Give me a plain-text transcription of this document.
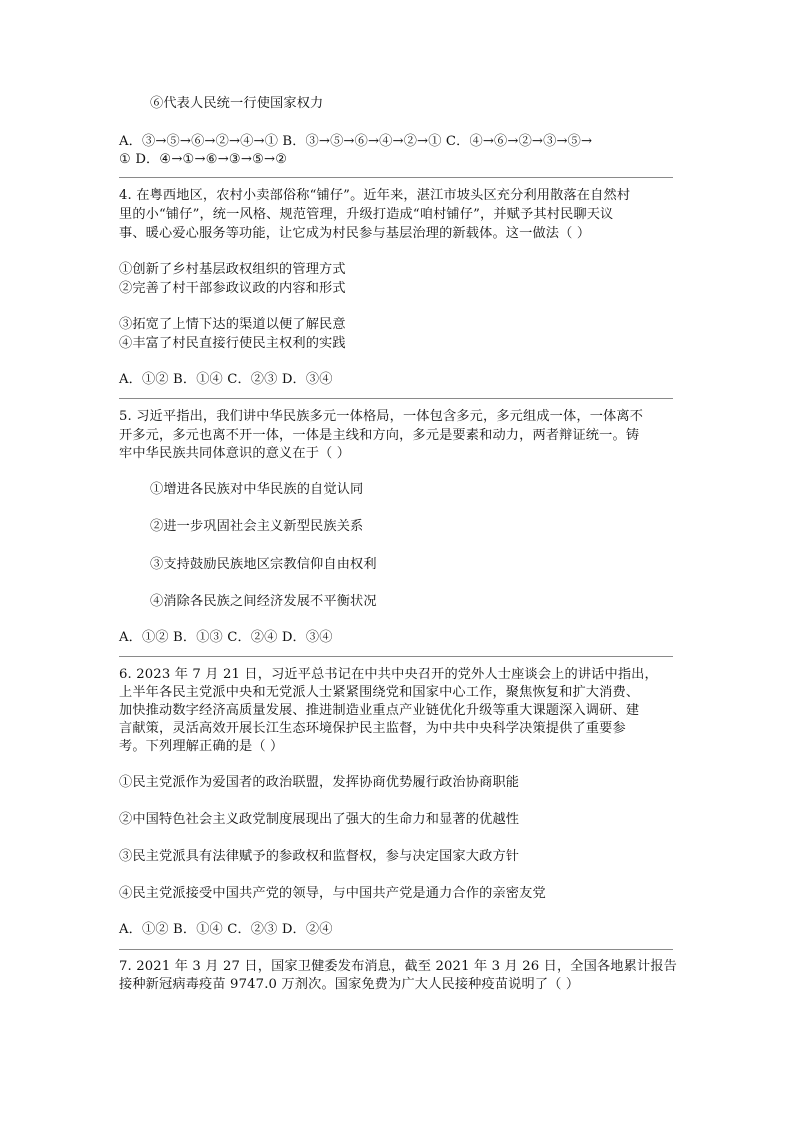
⑥代表人民统一行使国家权力
A．③→⑤→⑥→②→④→① B．③→⑤→⑥→④→②→① C．④→⑥→②→③→⑤→
① D．④→①→⑥→③→⑤→②
4. 在粤西地区，农村小卖部俗称“铺仔”。近年来，湛江市坡头区充分利用散落在自然村
里的小“铺仔”，统一风格、规范管理，升级打造成“咱村铺仔”，并赋予其村民聊天议
事、暖心爱心服务等功能，让它成为村民参与基层治理的新载体。这一做法（ ）
①创新了乡村基层政权组织的管理方式
②完善了村干部参政议政的内容和形式
③拓宽了上情下达的渠道以便了解民意
④丰富了村民直接行使民主权利的实践
A．①② B．①④ C．②③ D．③④
5. 习近平指出，我们讲中华民族多元一体格局，一体包含多元，多元组成一体，一体离不
开多元，多元也离不开一体，一体是主线和方向，多元是要素和动力，两者辩证统一。铸
牢中华民族共同体意识的意义在于（ ）
①增进各民族对中华民族的自觉认同
②进一步巩固社会主义新型民族关系
③支持鼓励民族地区宗教信仰自由权利
④消除各民族之间经济发展不平衡状况
A．①② B．①③ C．②④ D．③④
6. 2023 年 7 月 21 日，习近平总书记在中共中央召开的党外人士座谈会上的讲话中指出，
上半年各民主党派中央和无党派人士紧紧围绕党和国家中心工作，聚焦恢复和扩大消费、
加快推动数字经济高质量发展、推进制造业重点产业链优化升级等重大课题深入调研、建
言献策，灵活高效开展长江生态环境保护民主监督，为中共中央科学决策提供了重要参
考。下列理解正确的是（ ）
①民主党派作为爱国者的政治联盟，发挥协商优势履行政治协商职能
②中国特色社会主义政党制度展现出了强大的生命力和显著的优越性
③民主党派具有法律赋予的参政权和监督权，参与决定国家大政方针
④民主党派接受中国共产党的领导，与中国共产党是通力合作的亲密友党
A．①② B．①④ C．②③ D．②④
7. 2021 年 3 月 27 日，国家卫健委发布消息，截至 2021 年 3 月 26 日，全国各地累计报告
接种新冠病毒疫苗 9747.0 万剂次。国家免费为广大人民接种疫苗说明了（ ）
